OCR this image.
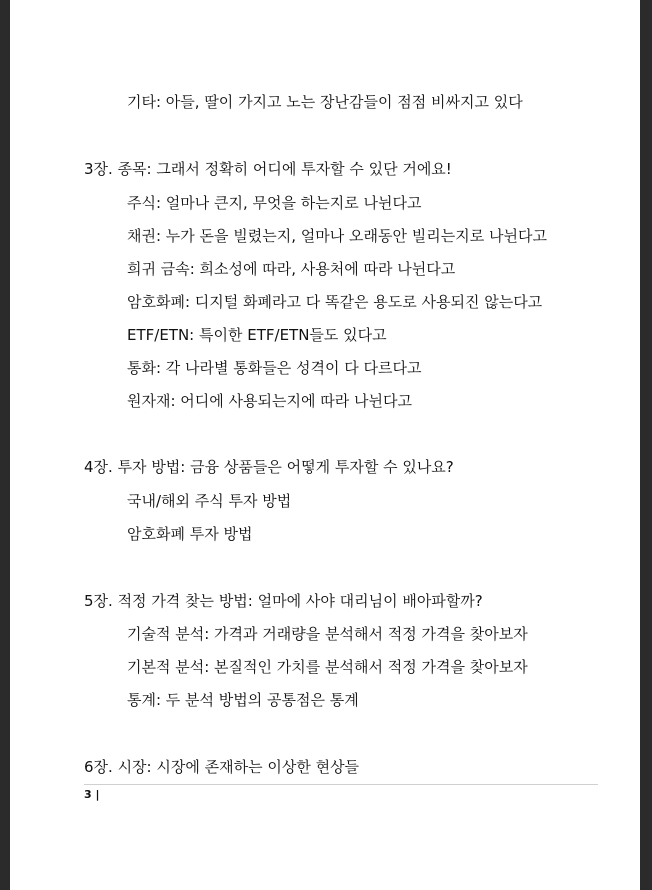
기타: 아들, 딸이 가지고 노는 장난감들이 점점 비싸지고 있다
3장. 종목: 그래서 정확히 어디에 투자할 수 있단 거에요!
주식: 얼마나 큰지, 무엇을 하는지로 나뉜다고
채권: 누가 돈을 빌렸는지, 얼마나 오래동안 빌리는지로 나뉜다고
희귀 금속: 희소성에 따라, 사용처에 따라 나뉜다고
암호화폐: 디지털 화폐라고 다 똑같은 용도로 사용되진 않는다고
ETF/ETN: 특이한 ETF/ETN들도 있다고
통화: 각 나라별 통화들은 성격이 다 다르다고
원자재: 어디에 사용되는지에 따라 나뉜다고
4장. 투자 방법: 금융 상품들은 어떻게 투자할 수 있나요?
국내/해외 주식 투자 방법
암호화폐 투자 방법
5장. 적정 가격 찾는 방법: 얼마에 사야 대리님이 배아파할까?
기술적 분석: 가격과 거래량을 분석해서 적정 가격을 찾아보자
기본적 분석: 본질적인 가치를 분석해서 적정 가격을 찾아보자
통계: 두 분석 방법의 공통점은 통계
6장. 시장: 시장에 존재하는 이상한 현상들
3 |
